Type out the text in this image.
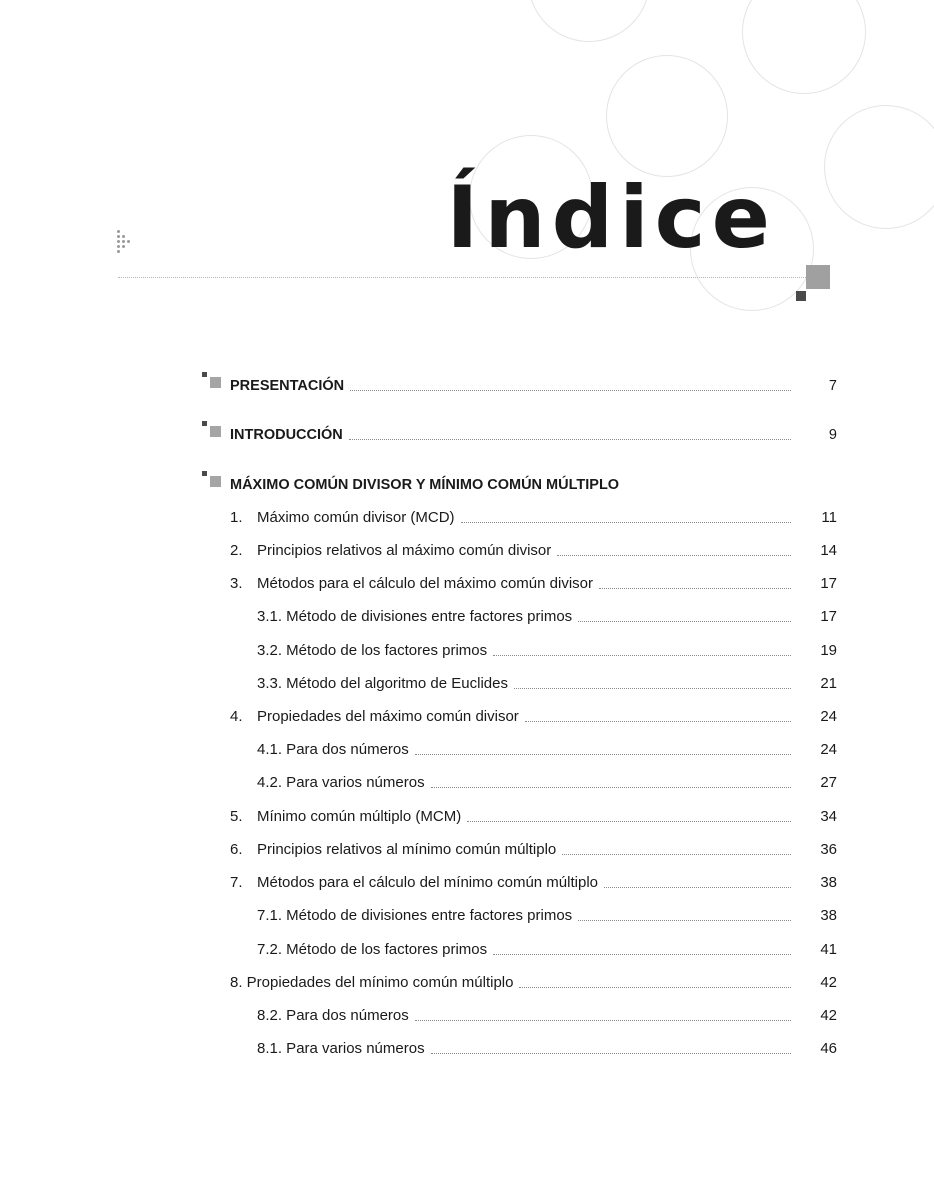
Índice
PRESENTACIÓN	7
INTRODUCCIÓN	9
MÁXIMO COMÚN DIVISOR Y MÍNIMO COMÚN MÚLTIPLO
1. Máximo común divisor (MCD)	11
2. Principios relativos al máximo común divisor	14
3. Métodos para el cálculo del máximo común divisor	17
3.1. Método de divisiones entre factores primos	17
3.2. Método de los factores primos	19
3.3. Método del algoritmo de Euclides	21
4. Propiedades del máximo común divisor	24
4.1. Para dos números	24
4.2. Para varios números	27
5. Mínimo común múltiplo (MCM)	34
6. Principios relativos al mínimo común múltiplo	36
7. Métodos para el cálculo del mínimo común múltiplo	38
7.1. Método de divisiones entre factores primos	38
7.2. Método de los factores primos	41
8. Propiedades del mínimo común múltiplo	42
8.2. Para dos números	42
8.1. Para varios números	46
